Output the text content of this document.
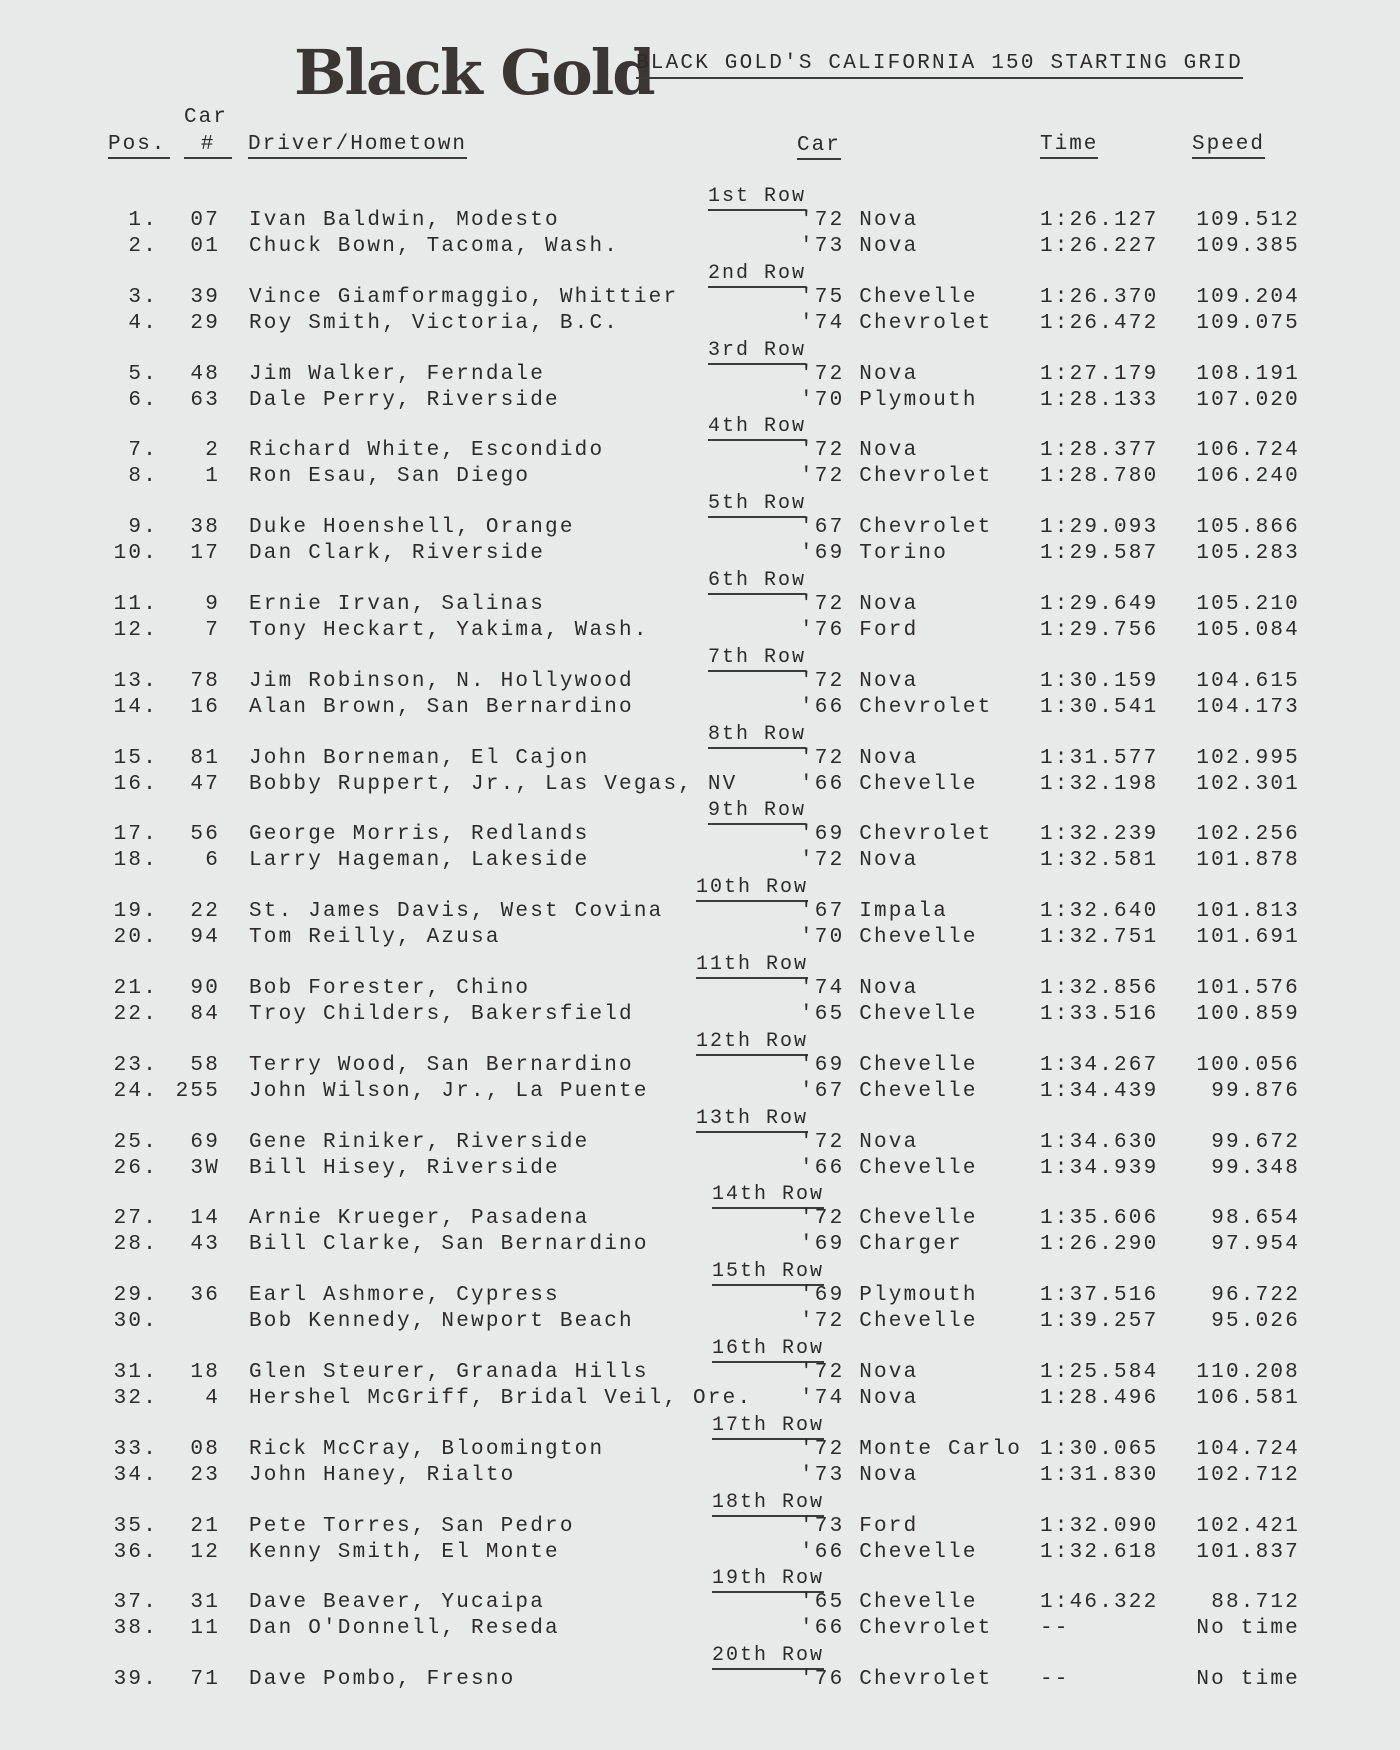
Black Gold
BLACK GOLD'S CALIFORNIA 150 STARTING GRID
Car
Pos.	#	Driver/Hometown	Car	Time	Speed
1st Row
1.	07 Ivan Baldwin, Modesto	'72 Nova	1:26.127	109.512
2.	01 Chuck Bown, Tacoma, Wash.	'73 Nova	1:26.227	109.385
2nd Row
3.	39 Vince Giamformaggio, Whittier	'75 Chevelle	1:26.370	109.204
4.	29 Roy Smith, Victoria, B.C.	'74 Chevrolet 1:26.472	109.075
3rd Row
5.	48 Jim Walker, Ferndale	'72 Nova	1:27.179	108.191
6.	63 Dale Perry, Riverside	'70 Plymouth	1:28.133	107.020
4th Row
7.	2 Richard White, Escondido	'72 Nova	1:28.377	106.724
8.	1 Ron Esau, San Diego	'72 Chevrolet 1:28.780	106.240
5th Row
9.	38 Duke Hoenshell, Orange	'67 Chevrolet 1:29.093	105.866
10.	17 Dan Clark, Riverside	'69 Torino	1:29.587	105.283
6th Row
11.	9 Ernie Irvan, Salinas	'72 Nova	1:29.649	105.210
12.	7 Tony Heckart, Yakima, Wash.	'76 Ford	1:29.756	105.084
7th Row
13.	78 Jim Robinson, N. Hollywood	'72 Nova	1:30.159	104.615
14.	16 Alan Brown, San Bernardino	'66 Chevrolet 1:30.541	104.173
8th Row
15.	81 John Borneman, El Cajon	'72 Nova	1:31.577	102.995
16.	47 Bobby Ruppert, Jr., Las Vegas, NV	'66 Chevelle	1:32.198	102.301
9th Row
17.	56 George Morris, Redlands	'69 Chevrolet 1:32.239	102.256
18.	6 Larry Hageman, Lakeside	'72 Nova	1:32.581	101.878
10th Row
19.	22 St. James Davis, West Covina	'67 Impala	1:32.640	101.813
20.	94 Tom Reilly, Azusa	'70 Chevelle	1:32.751	101.691
11th Row
21.	90 Bob Forester, Chino	'74 Nova	1:32.856	101.576
22.	84 Troy Childers, Bakersfield	'65 Chevelle	1:33.516	100.859
12th Row
23.	58 Terry Wood, San Bernardino	'69 Chevelle	1:34.267	100.056
24. 255 John Wilson, Jr., La Puente	'67 Chevelle	1:34.439	99.876
13th Row
25.	69 Gene Riniker, Riverside	'72 Nova	1:34.630	99.672
26.	3W Bill Hisey, Riverside	'66 Chevelle	1:34.939	99.348
14th Row
27.	14 Arnie Krueger, Pasadena	'72 Chevelle	1:35.606	98.654
28.	43 Bill Clarke, San Bernardino	'69 Charger	1:26.290	97.954
15th Row
29.	36 Earl Ashmore, Cypress	'69 Plymouth	1:37.516	96.722
30.	Bob Kennedy, Newport Beach	'72 Chevelle	1:39.257	95.026
16th Row
31.	18 Glen Steurer, Granada Hills	'72 Nova	1:25.584	110.208
32.	4 Hershel McGriff, Bridal Veil, Ore. '74 Nova	1:28.496	106.581
17th Row
33.	08 Rick McCray, Bloomington	'72 Monte Carlo 1:30.065	104.724
34.	23 John Haney, Rialto	'73 Nova	1:31.830	102.712
18th Row
35.	21 Pete Torres, San Pedro	'73 Ford	1:32.090	102.421
36.	12 Kenny Smith, El Monte	'66 Chevelle	1:32.618	101.837
19th Row
37.	31 Dave Beaver, Yucaipa	'65 Chevelle	1:46.322	88.712
38.	11 Dan O'Donnell, Reseda	'66 Chevrolet --	No time
20th Row
39.	71 Dave Pombo, Fresno	'76 Chevrolet --	No time
